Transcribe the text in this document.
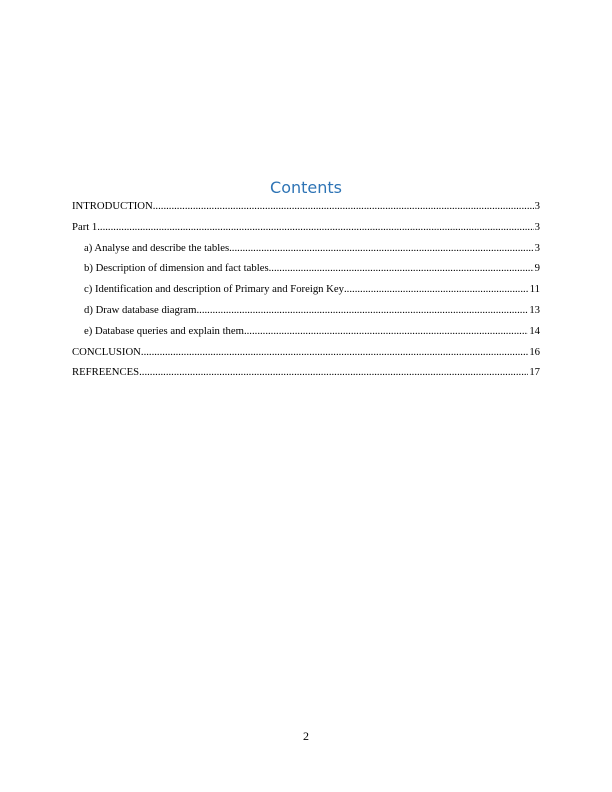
Contents
INTRODUCTION .....	3
Part 1 .....	3
a) Analyse and describe the tables .....	3
b) Description of dimension and fact tables .....	9
c) Identification and description of Primary and Foreign Key .....	11
d) Draw database diagram .....	13
e) Database queries and explain them .....	14
CONCLUSION .....	16
REFREENCES .....	17
2
